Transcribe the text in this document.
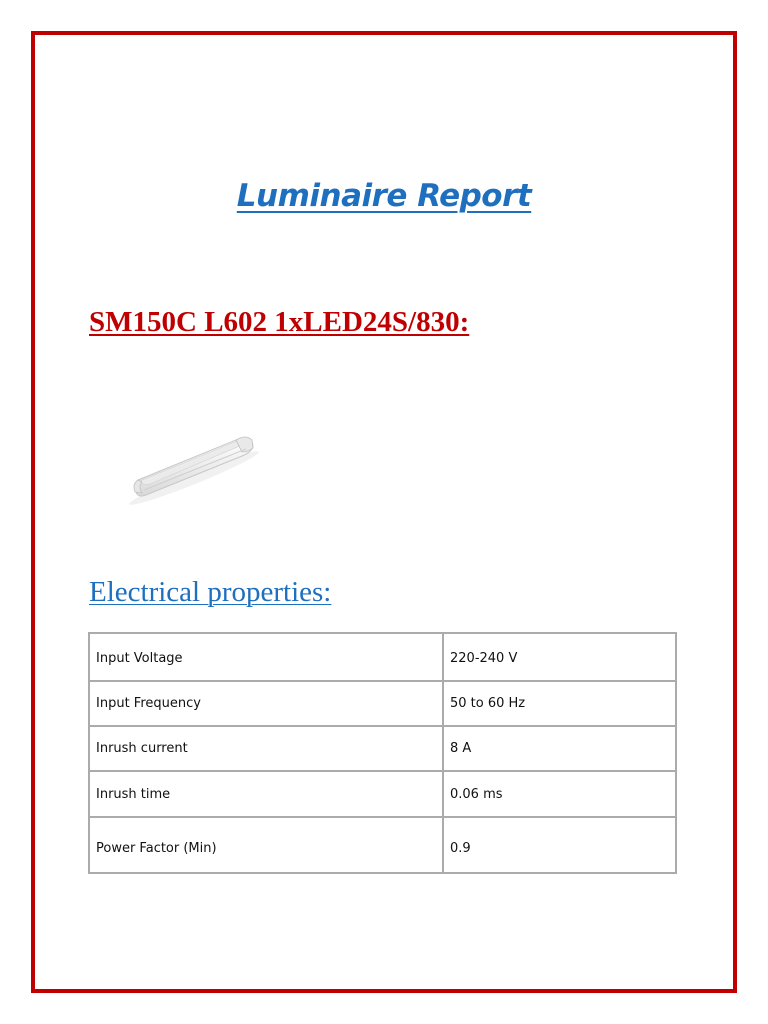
Luminaire Report
SM150C L602 1xLED24S/830:
Electrical properties:
Input Voltage	220-240 V
Input Frequency	50 to 60 Hz
Inrush current	8 A
Inrush time	0.06 ms
Power Factor (Min)	0.9
